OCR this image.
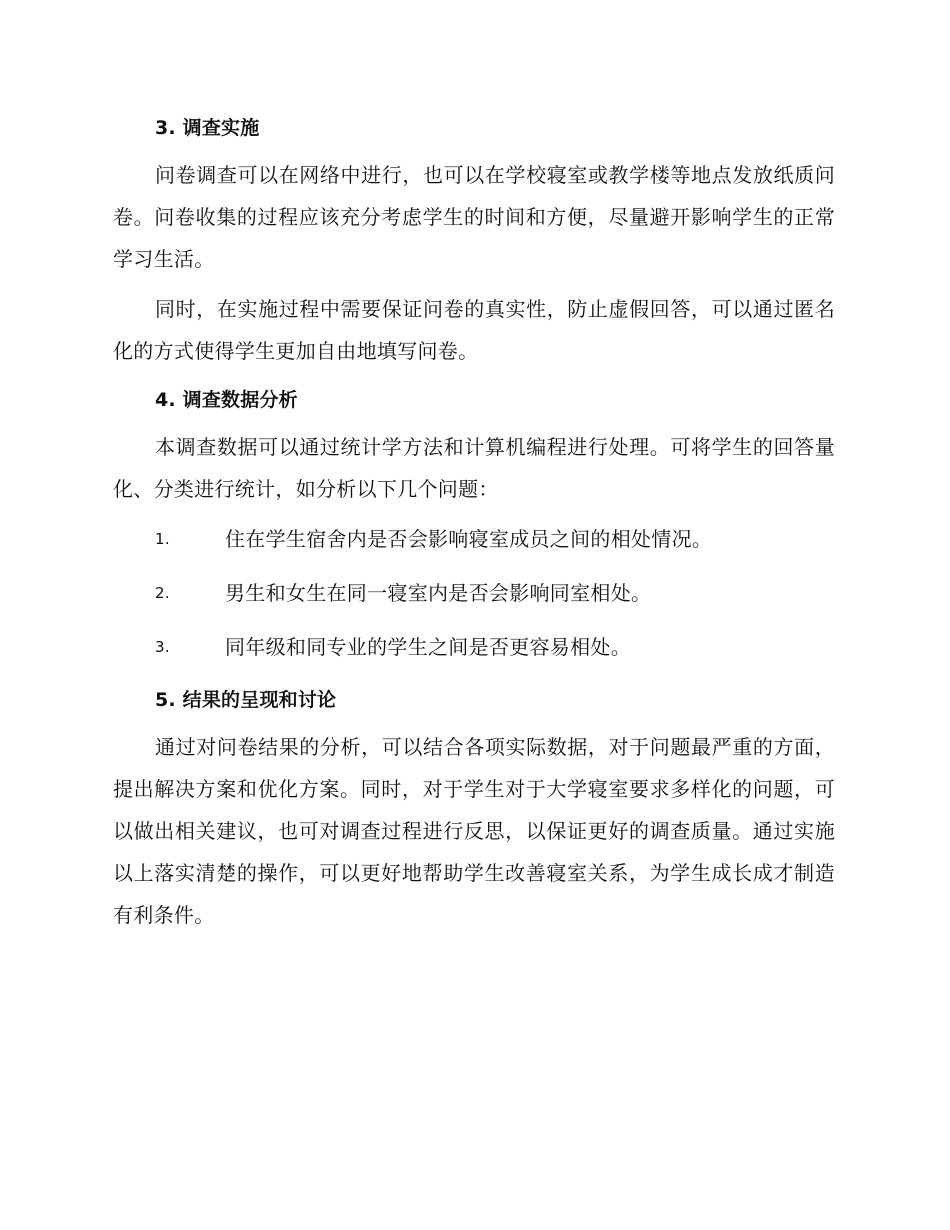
3. 调查实施

问卷调查可以在网络中进行，也可以在学校寝室或教学楼等地点发放纸质问卷。问卷收集的过程应该充分考虑学生的时间和方便，尽量避开影响学生的正常学习生活。

同时，在实施过程中需要保证问卷的真实性，防止虚假回答，可以通过匿名化的方式使得学生更加自由地填写问卷。

4. 调查数据分析

本调查数据可以通过统计学方法和计算机编程进行处理。可将学生的回答量化、分类进行统计，如分析以下几个问题：

1.	住在学生宿舍内是否会影响寝室成员之间的相处情况。
2.	男生和女生在同一寝室内是否会影响同室相处。
3.	同年级和同专业的学生之间是否更容易相处。
5. 结果的呈现和讨论

通过对问卷结果的分析，可以结合各项实际数据，对于问题最严重的方面，提出解决方案和优化方案。同时，对于学生对于大学寝室要求多样化的问题，可以做出相关建议，也可对调查过程进行反思，以保证更好的调查质量。通过实施以上落实清楚的操作，可以更好地帮助学生改善寝室关系，为学生成长成才制造有利条件。
